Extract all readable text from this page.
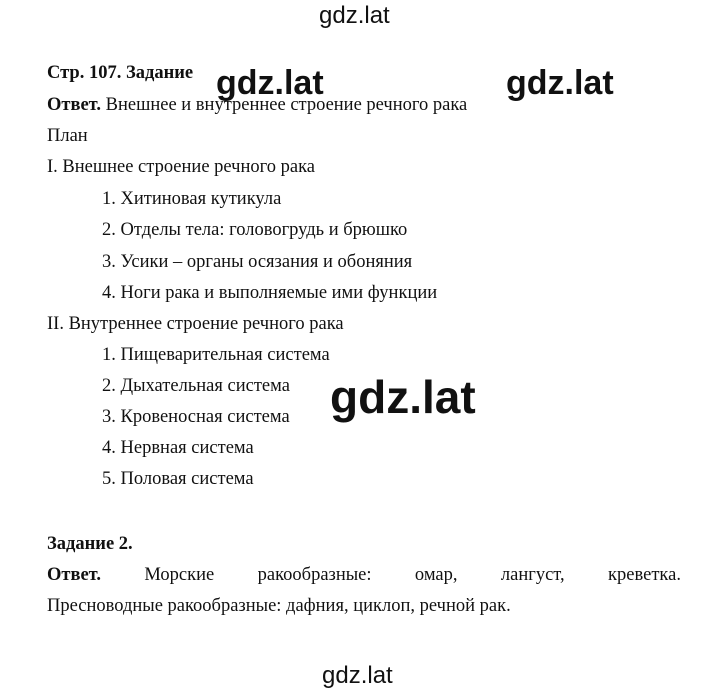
gdz.lat
gdz.lat	gdz.lat
gdz.lat
gdz.lat
Стр. 107. Задание
Ответ. Внешнее и внутреннее строение речного рака
План
I. Внешнее строение речного рака
1. Хитиновая кутикула
2. Отделы тела: головогрудь и брюшко
3. Усики – органы осязания и обоняния
4. Ноги рака и выполняемые ими функции
II. Внутреннее строение речного рака
1. Пищеварительная система
2. Дыхательная система
3. Кровеносная система
4. Нервная система
5. Половая система
Задание 2.
Ответ. Морские ракообразные: омар, лангуст, креветка.
Пресноводные ракообразные: дафния, циклоп, речной рак.
